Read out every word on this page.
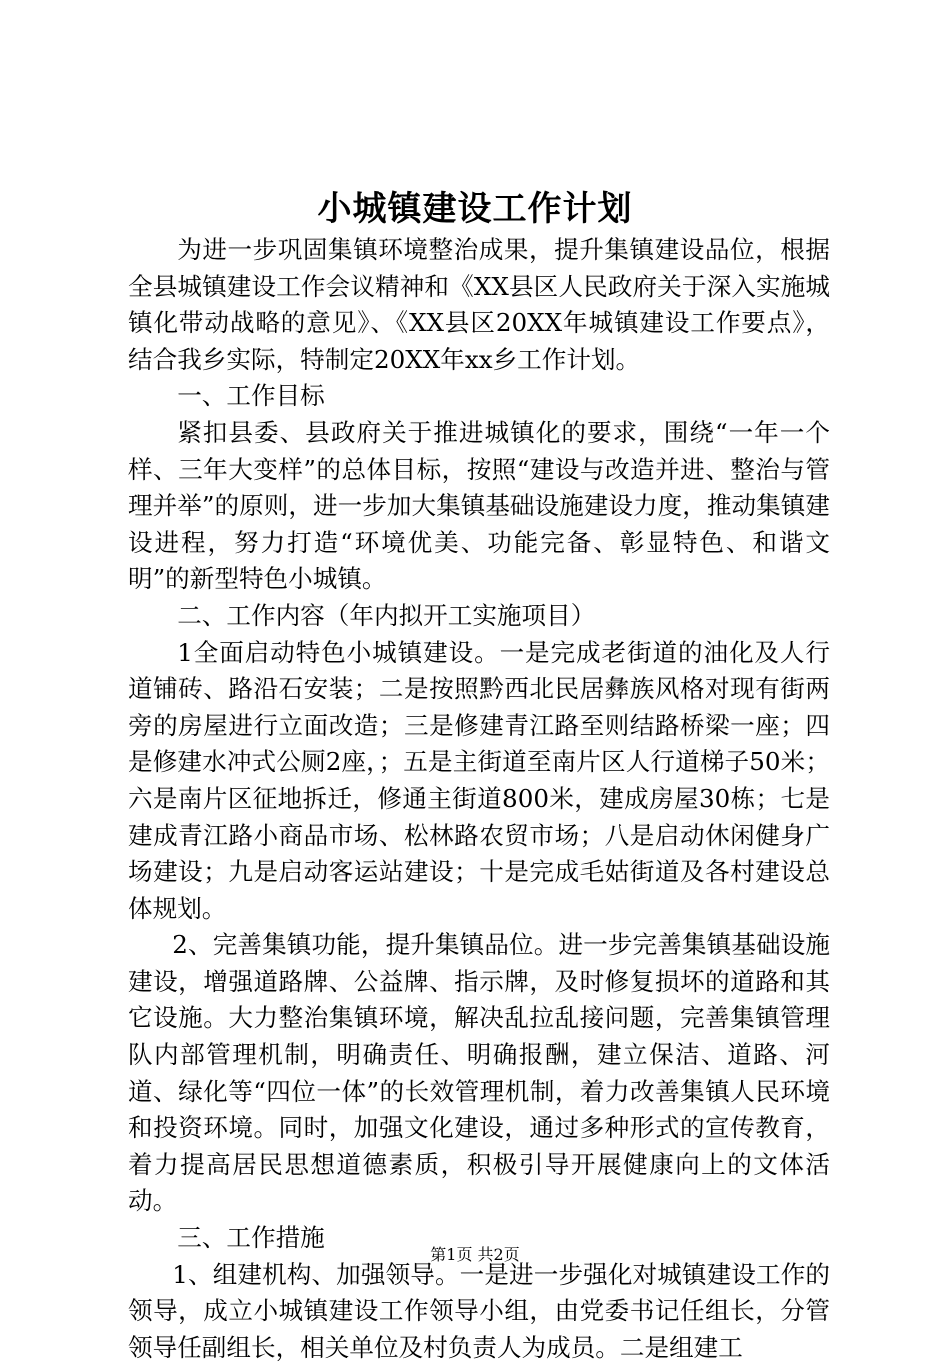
小城镇建设工作计划

为进一步巩固集镇环境整治成果，提升集镇建设品位，根据全县城镇建设工作会议精神和《XX县区人民政府关于深入实施城镇化带动战略的意见》、《XX县区20XX年城镇建设工作要点》，结合我乡实际，特制定20XX年xx乡工作计划。

一、工作目标

紧扣县委、县政府关于推进城镇化的要求，围绕“一年一个样、三年大变样”的总体目标，按照“建设与改造并进、整治与管理并举”的原则，进一步加大集镇基础设施建设力度，推动集镇建设进程，努力打造“环境优美、功能完备、彰显特色、和谐文明”的新型特色小城镇。

二、工作内容（年内拟开工实施项目）

1全面启动特色小城镇建设。一是完成老街道的油化及人行道铺砖、路沿石安装；二是按照黔西北民居彝族风格对现有街两旁的房屋进行立面改造；三是修建青江路至则结路桥梁一座；四是修建水冲式公厕2座，；五是主街道至南片区人行道梯子50米；六是南片区征地拆迁，修通主街道800米，建成房屋30栋；七是建成青江路小商品市场、松林路农贸市场；八是启动休闲健身广场建设；九是启动客运站建设；十是完成毛姑街道及各村建设总体规划。

2、完善集镇功能，提升集镇品位。进一步完善集镇基础设施建设，增强道路牌、公益牌、指示牌，及时修复损坏的道路和其它设施。大力整治集镇环境，解决乱拉乱接问题，完善集镇管理队内部管理机制，明确责任、明确报酬，建立保洁、道路、河道、绿化等“四位一体”的长效管理机制，着力改善集镇人民环境和投资环境。同时，加强文化建设，通过多种形式的宣传教育，着力提高居民思想道德素质，积极引导开展健康向上的文体活动。

三、工作措施

1、组建机构、加强领导。一是进一步强化对城镇建设工作的领导，成立小城镇建设工作领导小组，由党委书记任组长，分管领导任副组长，相关单位及村负责人为成员。二是组建工

第1页 共2页
